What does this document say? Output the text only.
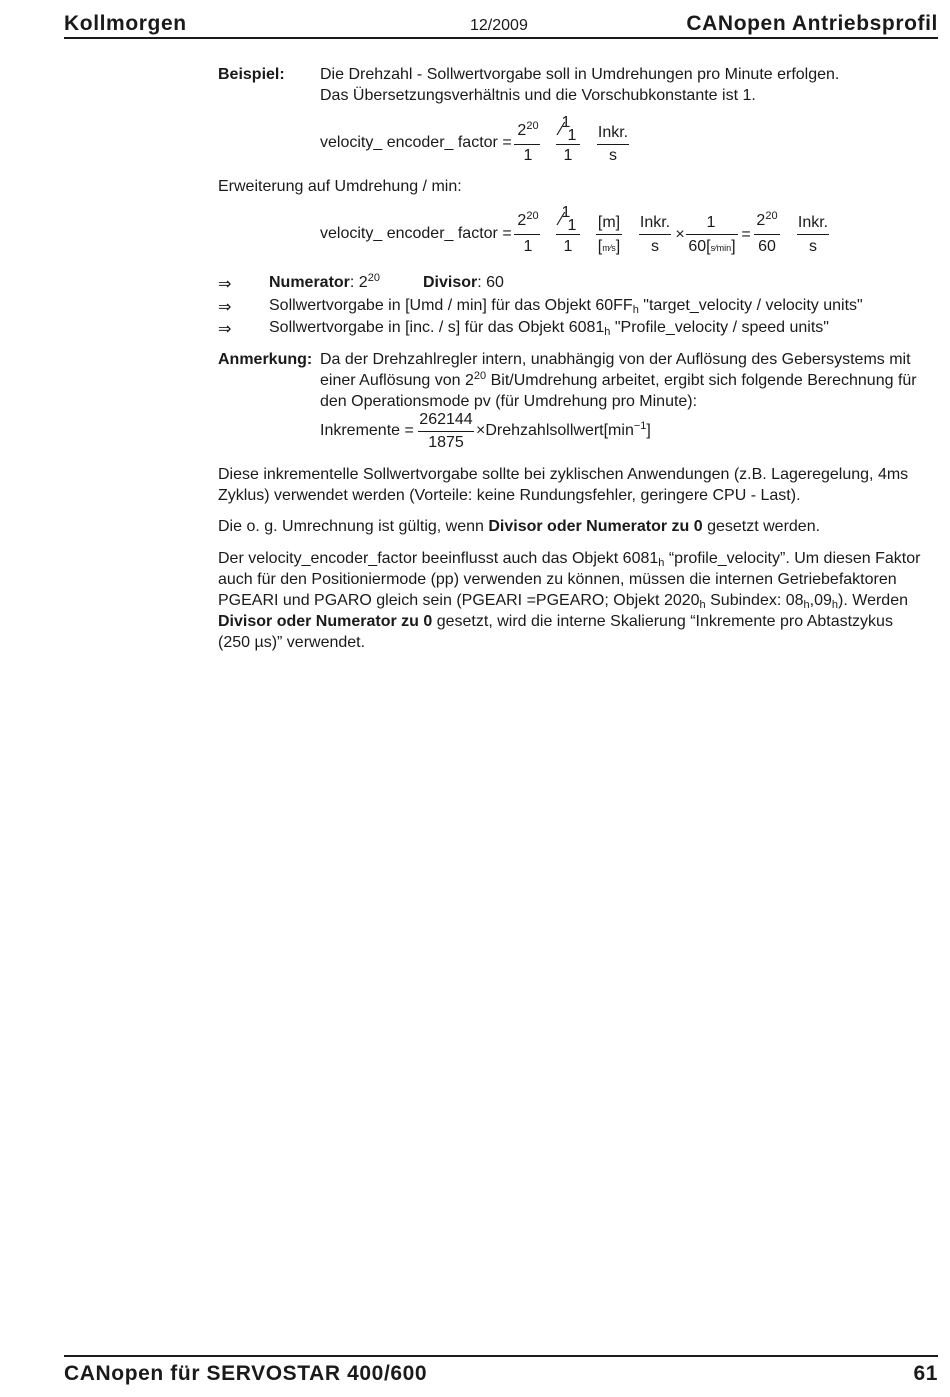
Kollmorgen	12/2009	CANopen Antriebsprofil
Beispiel: Die Drehzahl - Sollwertvorgabe soll in Umdrehungen pro Minute erfolgen.
Das Übersetzungsverhältnis und die Vorschubkonstante ist 1.
velocity_ encoder_ factor =
$2^{20}$
1
1
⁄ 1
1
Inkr.
s
Erweiterung auf Umdrehung / min:
velocity_ encoder_ factor =
$2^{20}$
1
1
⁄ 1
1
[m]
[m⁄s]
Inkr.
s
×
1
60[s⁄min]
=
$2^{20}$
60
Inkr.
s
⇒ Numerator: $2^{20}$	Divisor: 60
⇒ Sollwertvorgabe in [Umd / min] für das Objekt $60FF_h$ "target_velocity / velocity units"
⇒ Sollwertvorgabe in [inc. / s] für das Objekt $6081_h$ "Profile_velocity / speed units"
Anmerkung: Da der Drehzahlregler intern, unabhängig von der Auflösung des Gebersystems mit
einer Auflösung von $2^{20}$ Bit/Umdrehung arbeitet, ergibt sich folgende Berechnung für
den Operationsmode pv (für Umdrehung pro Minute):
Inkremente =
262144
1875
$\times Drehzahlsollwert[\min^{-1}]$
Diese inkrementelle Sollwertvorgabe sollte bei zyklischen Anwendungen (z.B. Lageregelung, 4ms
Zyklus) verwendet werden (Vorteile: keine Rundungsfehler, geringere CPU - Last).
Die o. g. Umrechnung ist gültig, wenn Divisor oder Numerator zu 0 gesetzt werden.
Der velocity_encoder_factor beeinflusst auch das Objekt $6081_h$ “profile_velocity”. Um diesen Faktor
auch für den Positioniermode (pp) verwenden zu können, müssen die internen Getriebefaktoren
PGEARI und PGARO gleich sein (PGEARI =PGEARO; Objekt $2020_h$ Subindex: $08_h,09_h$). Werden
Divisor oder Numerator zu 0 gesetzt, wird die interne Skalierung “Inkremente pro Abtastzykus
(250 µs)” verwendet.
CANopen für SERVOSTAR 400/600	61
